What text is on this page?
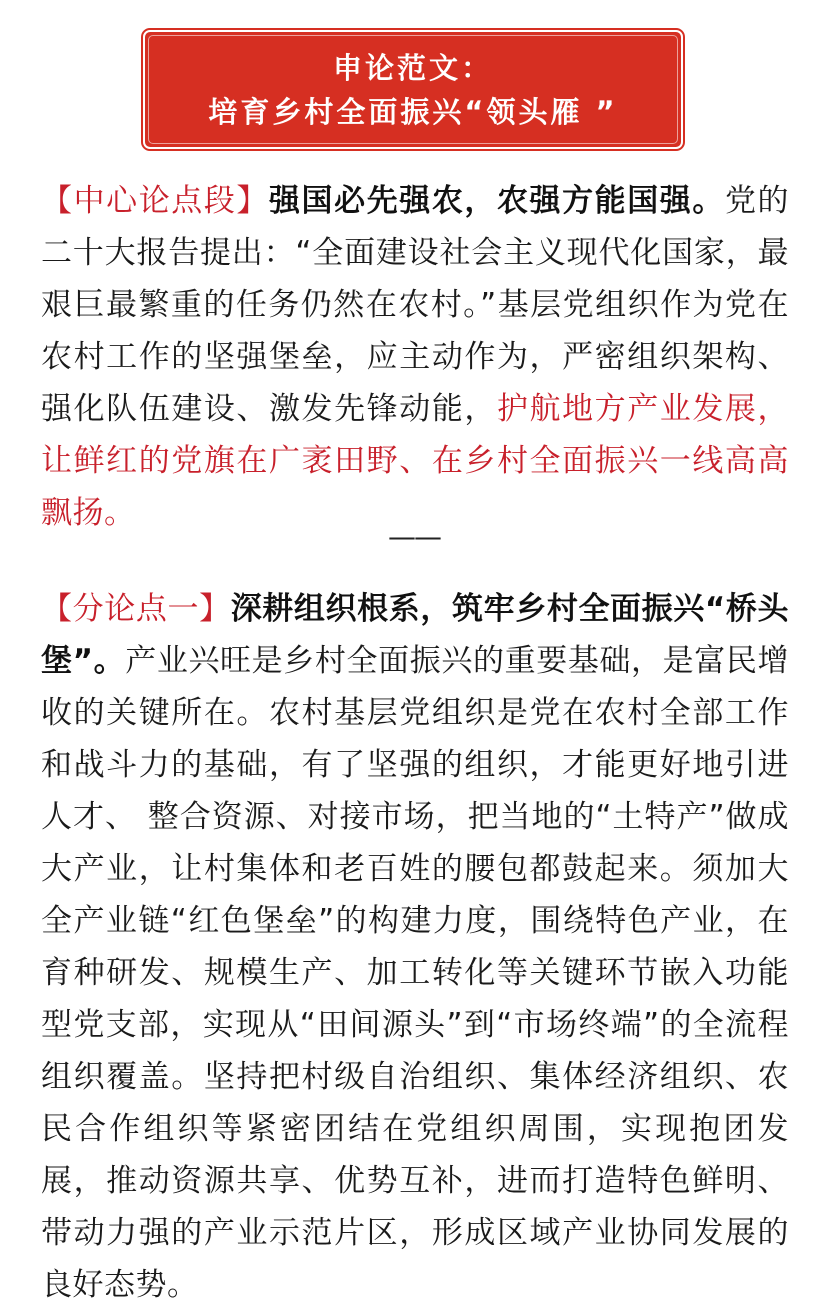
申论范文：
培育乡村全面振兴“领头雁 ”

【中心论点段】强国必先强农，农强方能国强。党的二十大报告提出：“全面建设社会主义现代化国家，最艰巨最繁重的任务仍然在农村。”基层党组织作为党在农村工作的坚强堡垒，应主动作为，严密组织架构、强化队伍建设、激发先锋动能，护航地方产业发展，让鲜红的党旗在广袤田野、在乡村全面振兴一线高高飘扬。

——

【分论点一】深耕组织根系，筑牢乡村全面振兴“桥头堡”。产业兴旺是乡村全面振兴的重要基础，是富民增收的关键所在。农村基层党组织是党在农村全部工作和战斗力的基础，有了坚强的组织，才能更好地引进人才、 整合资源、对接市场，把当地的“土特产”做成大产业，让村集体和老百姓的腰包都鼓起来。须加大全产业链“红色堡垒”的构建力度，围绕特色产业，在育种研发、规模生产、加工转化等关键环节嵌入功能型党支部，实现从“田间源头”到“市场终端”的全流程组织覆盖。坚持把村级自治组织、集体经济组织、农民合作组织等紧密团结在党组织周围，实现抱团发展，推动资源共享、优势互补，进而打造特色鲜明、带动力强的产业示范片区，形成区域产业协同发展的良好态势。
